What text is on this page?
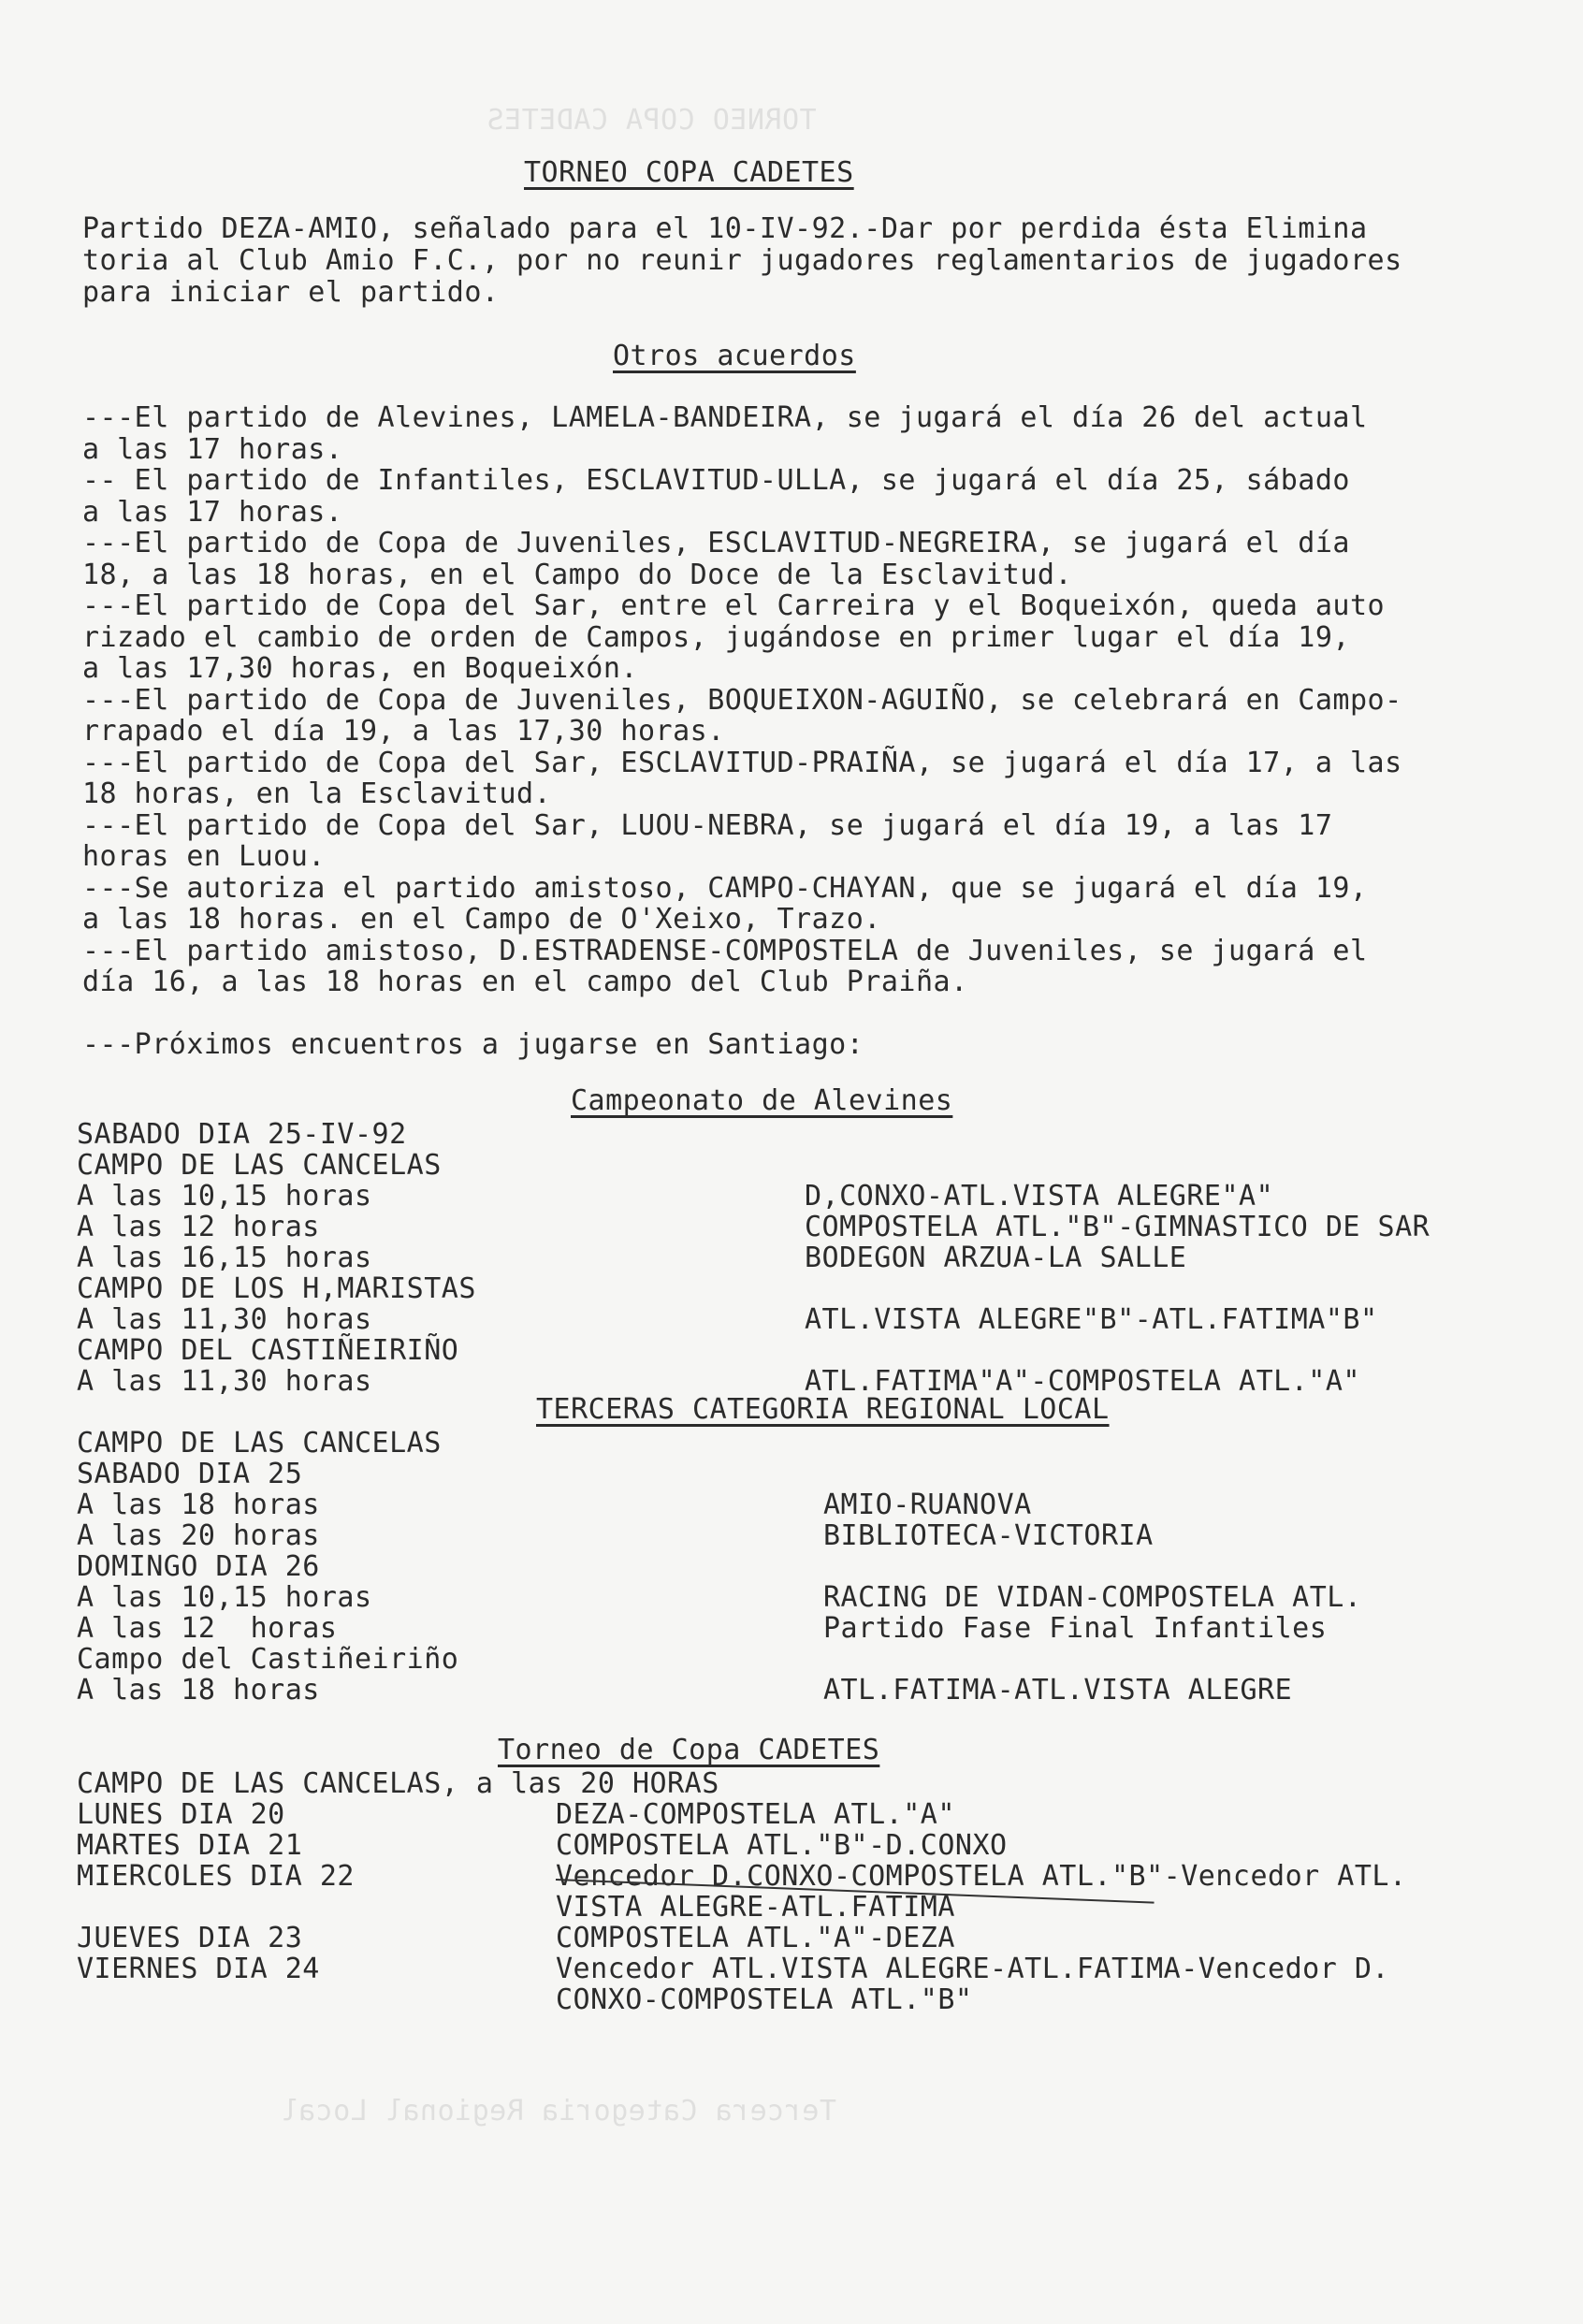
TORNEO COPA CADETES
Tercera Categoria Regional Local
TORNEO COPA CADETES
Partido DEZA-AMIO, señalado para el 10-IV-92.-Dar por perdida ésta Elimina
toria al Club Amio F.C., por no reunir jugadores reglamentarios de jugadores
para iniciar el partido.
Otros acuerdos
---El partido de Alevines, LAMELA-BANDEIRA, se jugará el día 26 del actual
a las 17 horas.
-- El partido de Infantiles, ESCLAVITUD-ULLA, se jugará el día 25, sábado
a las 17 horas.
---El partido de Copa de Juveniles, ESCLAVITUD-NEGREIRA, se jugará el día
18, a las 18 horas, en el Campo do Doce de la Esclavitud.
---El partido de Copa del Sar, entre el Carreira y el Boqueixón, queda auto
rizado el cambio de orden de Campos, jugándose en primer lugar el día 19,
a las 17,30 horas, en Boqueixón.
---El partido de Copa de Juveniles, BOQUEIXON-AGUIÑO, se celebrará en Campo-
rrapado el día 19, a las 17,30 horas.
---El partido de Copa del Sar, ESCLAVITUD-PRAIÑA, se jugará el día 17, a las
18 horas, en la Esclavitud.
---El partido de Copa del Sar, LUOU-NEBRA, se jugará el día 19, a las 17
horas en Luou.
---Se autoriza el partido amistoso, CAMPO-CHAYAN, que se jugará el día 19,
a las 18 horas. en el Campo de O'Xeixo, Trazo.
---El partido amistoso, D.ESTRADENSE-COMPOSTELA de Juveniles, se jugará el
día 16, a las 18 horas en el campo del Club Praiña.
---Próximos encuentros a jugarse en Santiago:
Campeonato de Alevines
SABADO DIA 25-IV-92
CAMPO DE LAS CANCELAS
A las 10,15 horas
A las 12 horas
A las 16,15 horas
CAMPO DE LOS H,MARISTAS
A las 11,30 horas
CAMPO DEL CASTIÑEIRIÑO
A las 11,30 horas
D,CONXO-ATL.VISTA ALEGRE"A"
COMPOSTELA ATL."B"-GIMNASTICO DE SAR
BODEGON ARZUA-LA SALLE
ATL.VISTA ALEGRE"B"-ATL.FATIMA"B"
ATL.FATIMA"A"-COMPOSTELA ATL."A"
TERCERAS CATEGORIA REGIONAL LOCAL
CAMPO DE LAS CANCELAS
SABADO DIA 25
A las 18 horas
A las 20 horas
DOMINGO DIA 26
A las 10,15 horas
A las 12  horas
Campo del Castiñeiriño
A las 18 horas
AMIO-RUANOVA
BIBLIOTECA-VICTORIA
RACING DE VIDAN-COMPOSTELA ATL.
Partido Fase Final Infantiles
ATL.FATIMA-ATL.VISTA ALEGRE
Torneo de Copa CADETES
CAMPO DE LAS CANCELAS, a las 20 HORAS
LUNES DIA 20
MARTES DIA 21
MIERCOLES DIA 22
JUEVES DIA 23
VIERNES DIA 24
DEZA-COMPOSTELA ATL."A"
COMPOSTELA ATL."B"-D.CONXO
Vencedor D.CONXO-COMPOSTELA ATL."B"-Vencedor ATL.
VISTA ALEGRE-ATL.FATIMA
COMPOSTELA ATL."A"-DEZA
Vencedor ATL.VISTA ALEGRE-ATL.FATIMA-Vencedor D.
CONXO-COMPOSTELA ATL."B"
